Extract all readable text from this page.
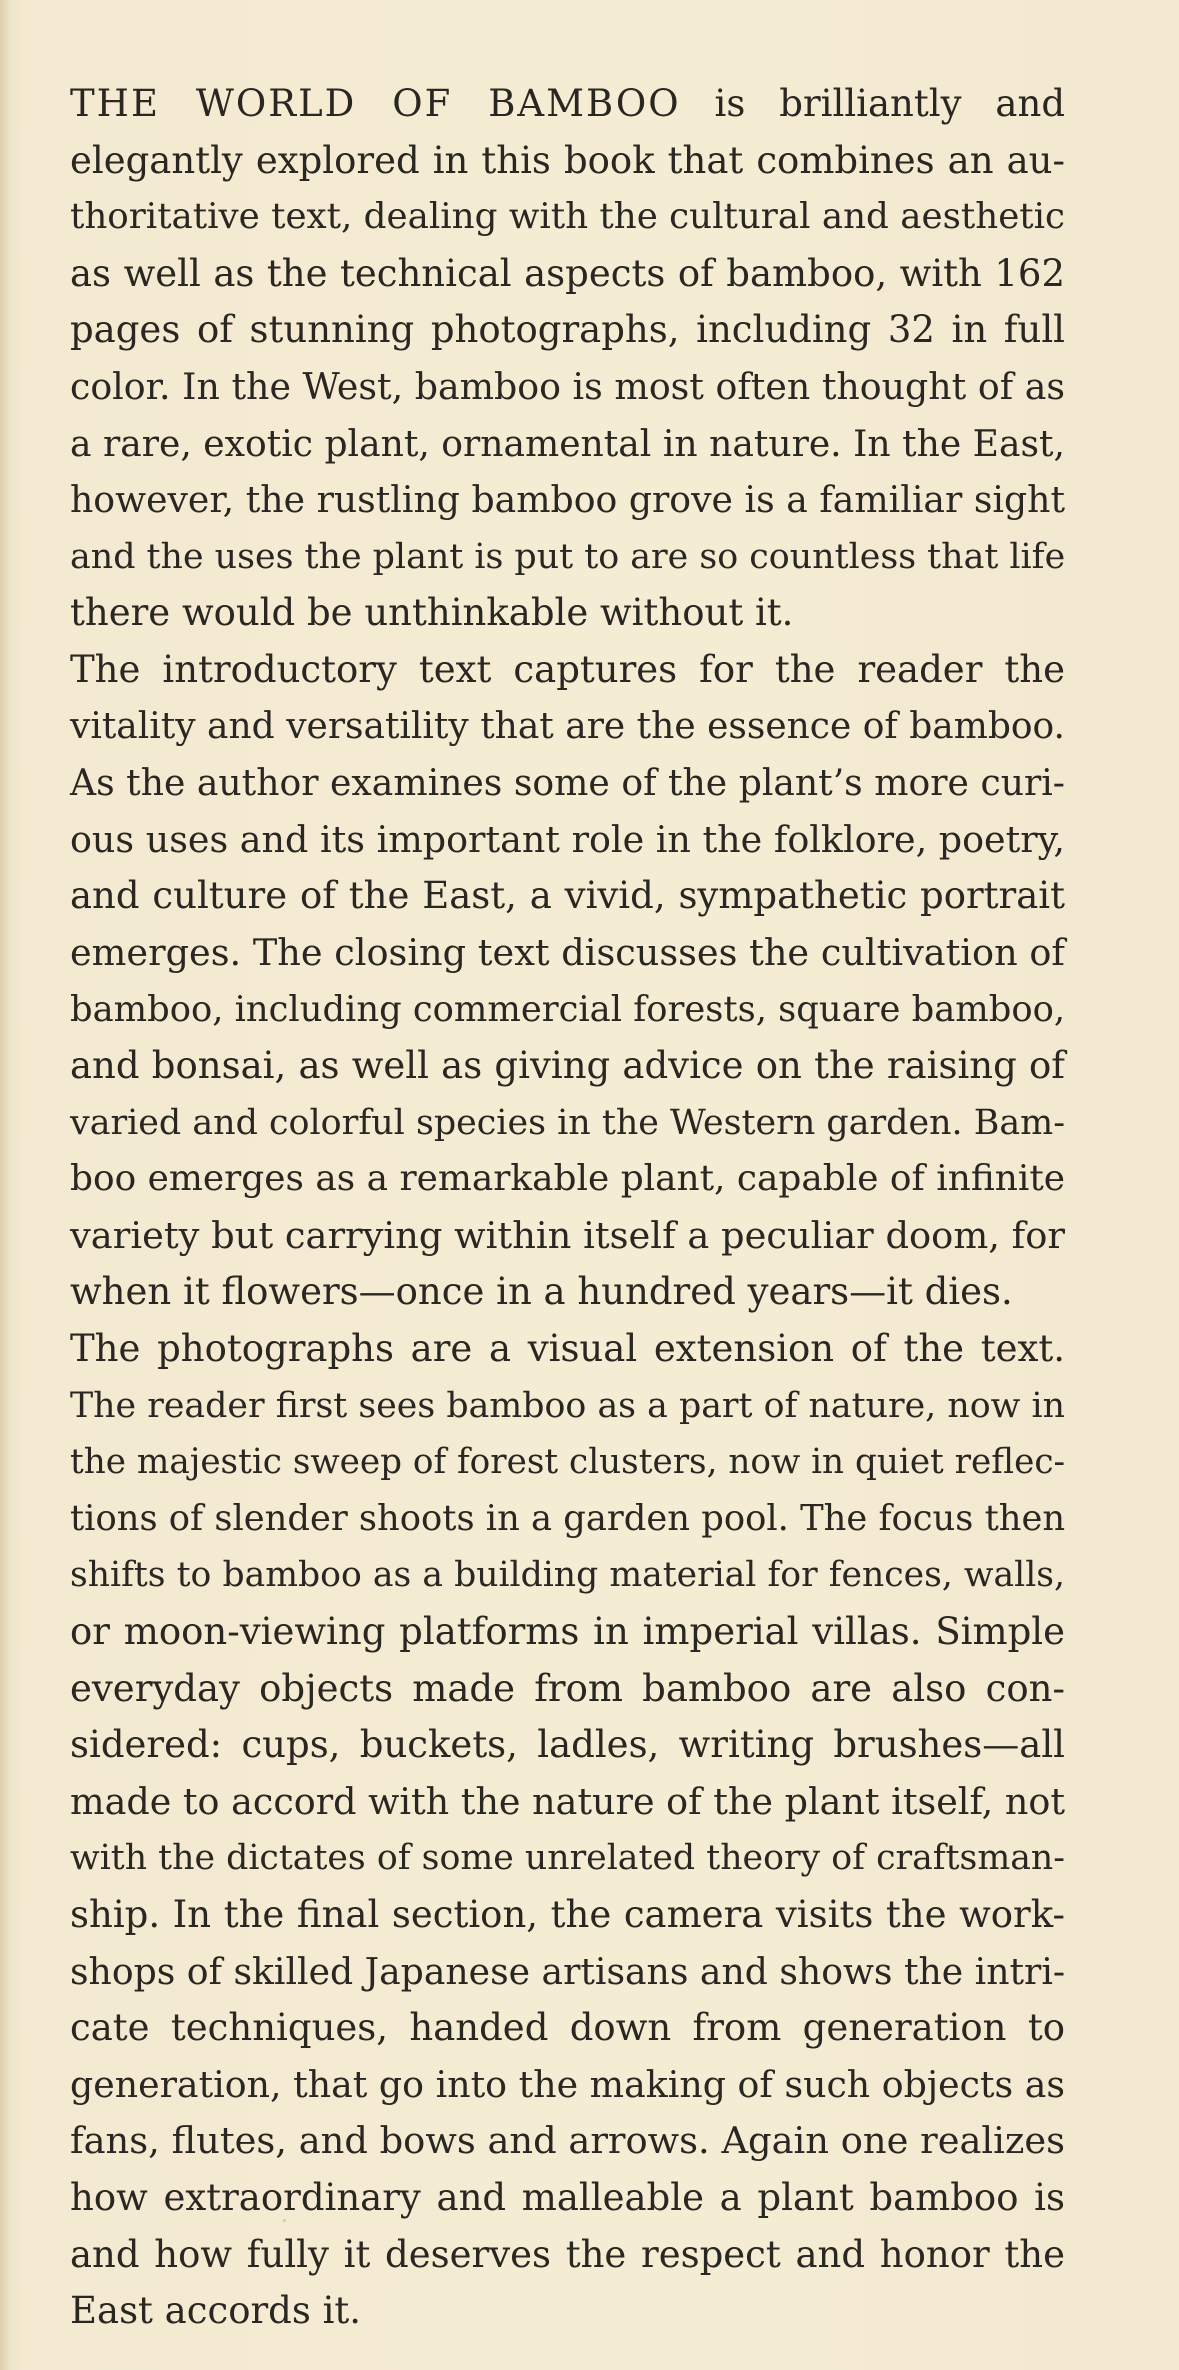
THE WORLD OF BAMBOO is brilliantly and
elegantly explored in this book that combines an au-
thoritative text, dealing with the cultural and aesthetic
as well as the technical aspects of bamboo, with 162
pages of stunning photographs, including 32 in full
color. In the West, bamboo is most often thought of as
a rare, exotic plant, ornamental in nature. In the East,
however, the rustling bamboo grove is a familiar sight
and the uses the plant is put to are so countless that life
there would be unthinkable without it.

The introductory text captures for the reader the
vitality and versatility that are the essence of bamboo.
As the author examines some of the plant’s more curi-
ous uses and its important role in the folklore, poetry,
and culture of the East, a vivid, sympathetic portrait
emerges. The closing text discusses the cultivation of
bamboo, including commercial forests, square bamboo,
and bonsai, as well as giving advice on the raising of
varied and colorful species in the Western garden. Bam-
boo emerges as a remarkable plant, capable of infinite
variety but carrying within itself a peculiar doom, for
when it flowers—once in a hundred years—it dies.

The photographs are a visual extension of the text.
The reader first sees bamboo as a part of nature, now in
the majestic sweep of forest clusters, now in quiet reflec-
tions of slender shoots in a garden pool. The focus then
shifts to bamboo as a building material for fences, walls,
or moon-viewing platforms in imperial villas. Simple
everyday objects made from bamboo are also con-
sidered: cups, buckets, ladles, writing brushes—all
made to accord with the nature of the plant itself, not
with the dictates of some unrelated theory of craftsman-
ship. In the final section, the camera visits the work-
shops of skilled Japanese artisans and shows the intri-
cate techniques, handed down from generation to
generation, that go into the making of such objects as
fans, flutes, and bows and arrows. Again one realizes
how extraordinary and malleable a plant bamboo is
and how fully it deserves the respect and honor the
East accords it.
